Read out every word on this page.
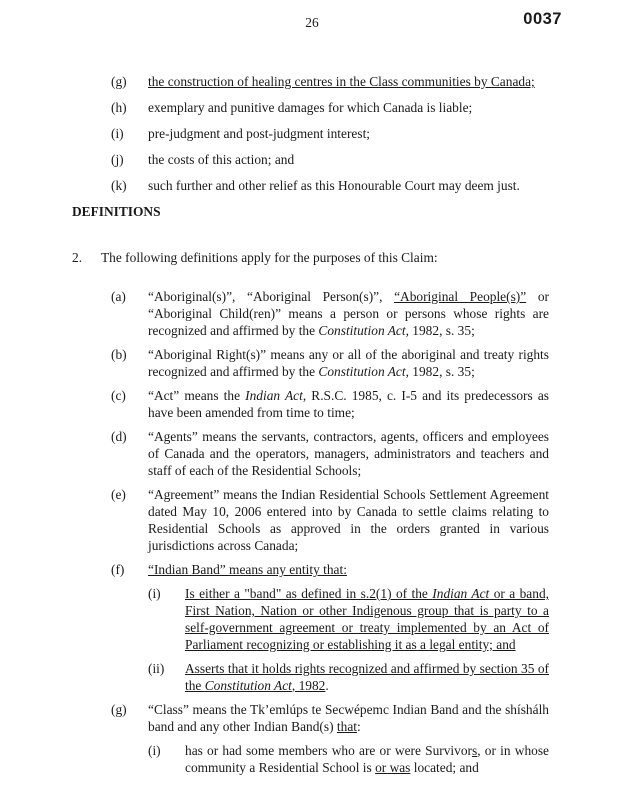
26	0037
(g)	the construction of healing centres in the Class communities by Canada;
(h)	exemplary and punitive damages for which Canada is liable;
(i)	pre-judgment and post-judgment interest;
(j)	the costs of this action; and
(k)	such further and other relief as this Honourable Court may deem just.
DEFINITIONS
2.	The following definitions apply for the purposes of this Claim:
(a)	“Aboriginal(s)”, “Aboriginal Person(s)”, “Aboriginal People(s)” or “Aboriginal Child(ren)” means a person or persons whose rights are recognized and affirmed by the Constitution Act, 1982, s. 35;
(b)	“Aboriginal Right(s)” means any or all of the aboriginal and treaty rights recognized and affirmed by the Constitution Act, 1982, s. 35;
(c)	“Act” means the Indian Act, R.S.C. 1985, c. I-5 and its predecessors as have been amended from time to time;
(d)	“Agents” means the servants, contractors, agents, officers and employees of Canada and the operators, managers, administrators and teachers and staff of each of the Residential Schools;
(e)	“Agreement” means the Indian Residential Schools Settlement Agreement dated May 10, 2006 entered into by Canada to settle claims relating to Residential Schools as approved in the orders granted in various jurisdictions across Canada;
(f)	“Indian Band” means any entity that:
(i)	Is either a "band" as defined in s.2(1) of the Indian Act or a band, First Nation, Nation or other Indigenous group that is party to a self-government agreement or treaty implemented by an Act of Parliament recognizing or establishing it as a legal entity; and
(ii)	Asserts that it holds rights recognized and affirmed by section 35 of the Constitution Act, 1982.
(g)	“Class” means the Tk’emlúps te Secwépemc Indian Band and the shíshálh band and any other Indian Band(s) that:
(i)	has or had some members who are or were Survivors, or in whose community a Residential School is or was located; and
